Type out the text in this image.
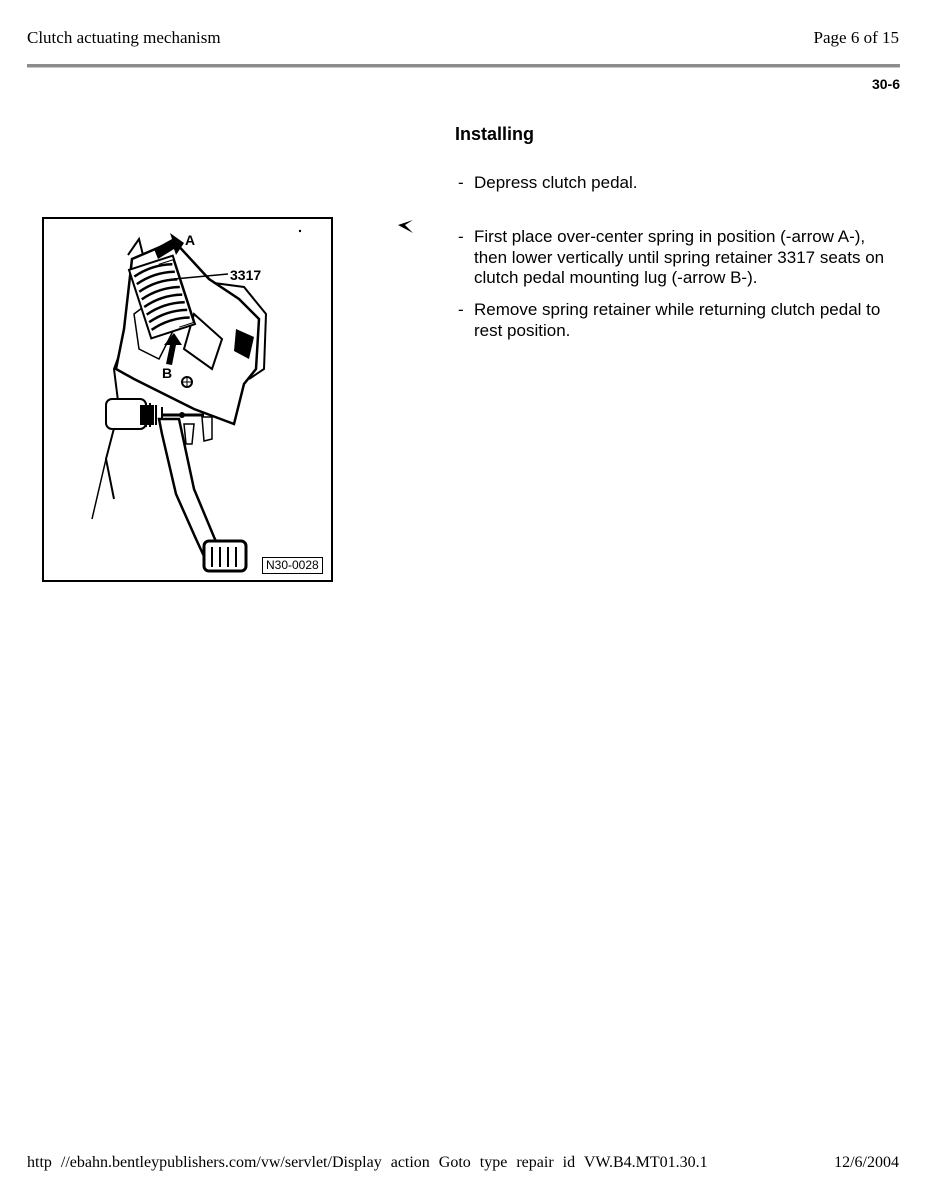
Clutch actuating mechanism	Page 6 of 15
30-6
Installing
- Depress clutch pedal.
- First place over-center spring in position (-arrow A-), then lower vertically until spring retainer 3317 seats on clutch pedal mounting lug (-arrow B-).
- Remove spring retainer while returning clutch pedal to rest position.
A
3317
B
N30-0028
http //ebahn.bentleypublishers.com/vw/servlet/Display action Goto type repair id VW.B4.MT01.30.1	12/6/2004
